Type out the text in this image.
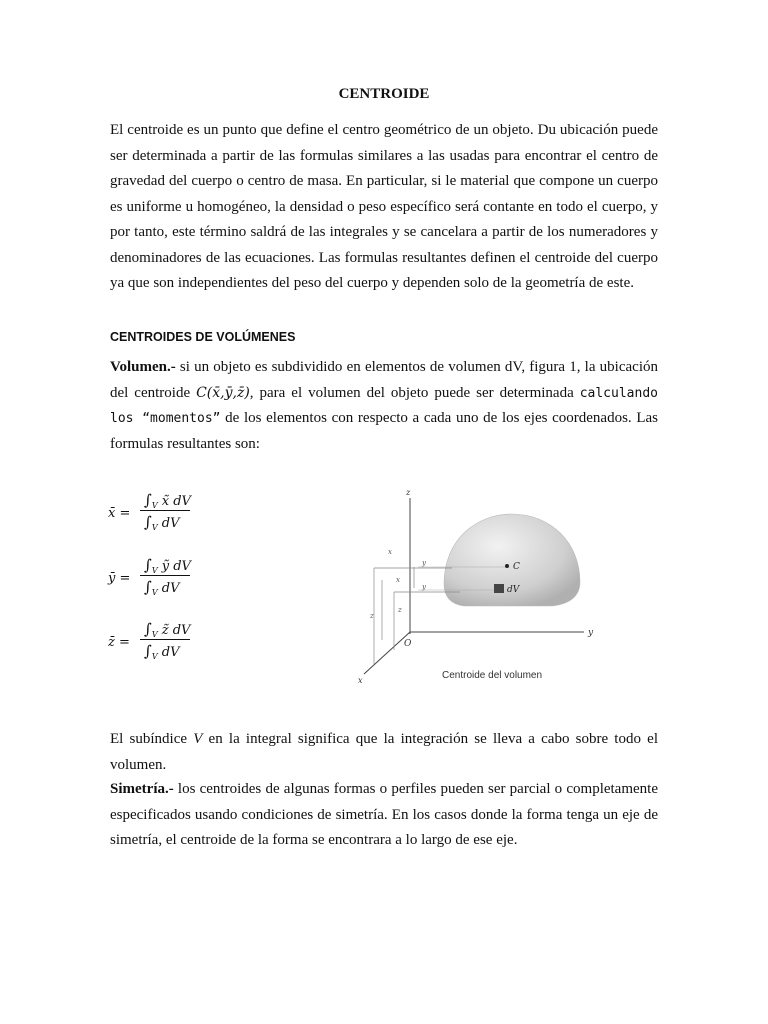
CENTROIDE

El centroide es un punto que define el centro geométrico de un objeto. Du ubicación puede ser determinada a partir de las formulas similares a las usadas para encontrar el centro de gravedad del cuerpo o centro de masa. En particular, si le material que compone un cuerpo es uniforme u homogéneo, la densidad o peso específico será contante en todo el cuerpo, y por tanto, este término saldrá de las integrales y se cancelara a partir de los numeradores y denominadores de las ecuaciones. Las formulas resultantes definen el centroide del cuerpo ya que son independientes del peso del cuerpo y dependen solo de la geometría de este.

CENTROIDES DE VOLÚMENES

Volumen.- si un objeto es subdividido en elementos de volumen dV, figura 1, la ubicación del centroide C(x̄,ȳ,z̄), para el volumen del objeto puede ser determinada calculando los “momentos” de los elementos con respecto a cada uno de los ejes coordenados. Las formulas resultantes son:

x̄ =
$\int_V$ x̃ dV
$\int_V$ dV
ȳ =
$\int_V$ ỹ dV
$\int_V$ dV
z̄ =
$\int_V$ z̃ dV
$\int_V$ dV
z
y
x
O
C
dV
x
y
x
y
z
z
Centroide del volumen

El subíndice V en la integral significa que la integración se lleva a cabo sobre todo el volumen.

Simetría.- los centroides de algunas formas o perfiles pueden ser parcial o completamente especificados usando condiciones de simetría. En los casos donde la forma tenga un eje de simetría, el centroide de la forma se encontrara a lo largo de ese eje.
